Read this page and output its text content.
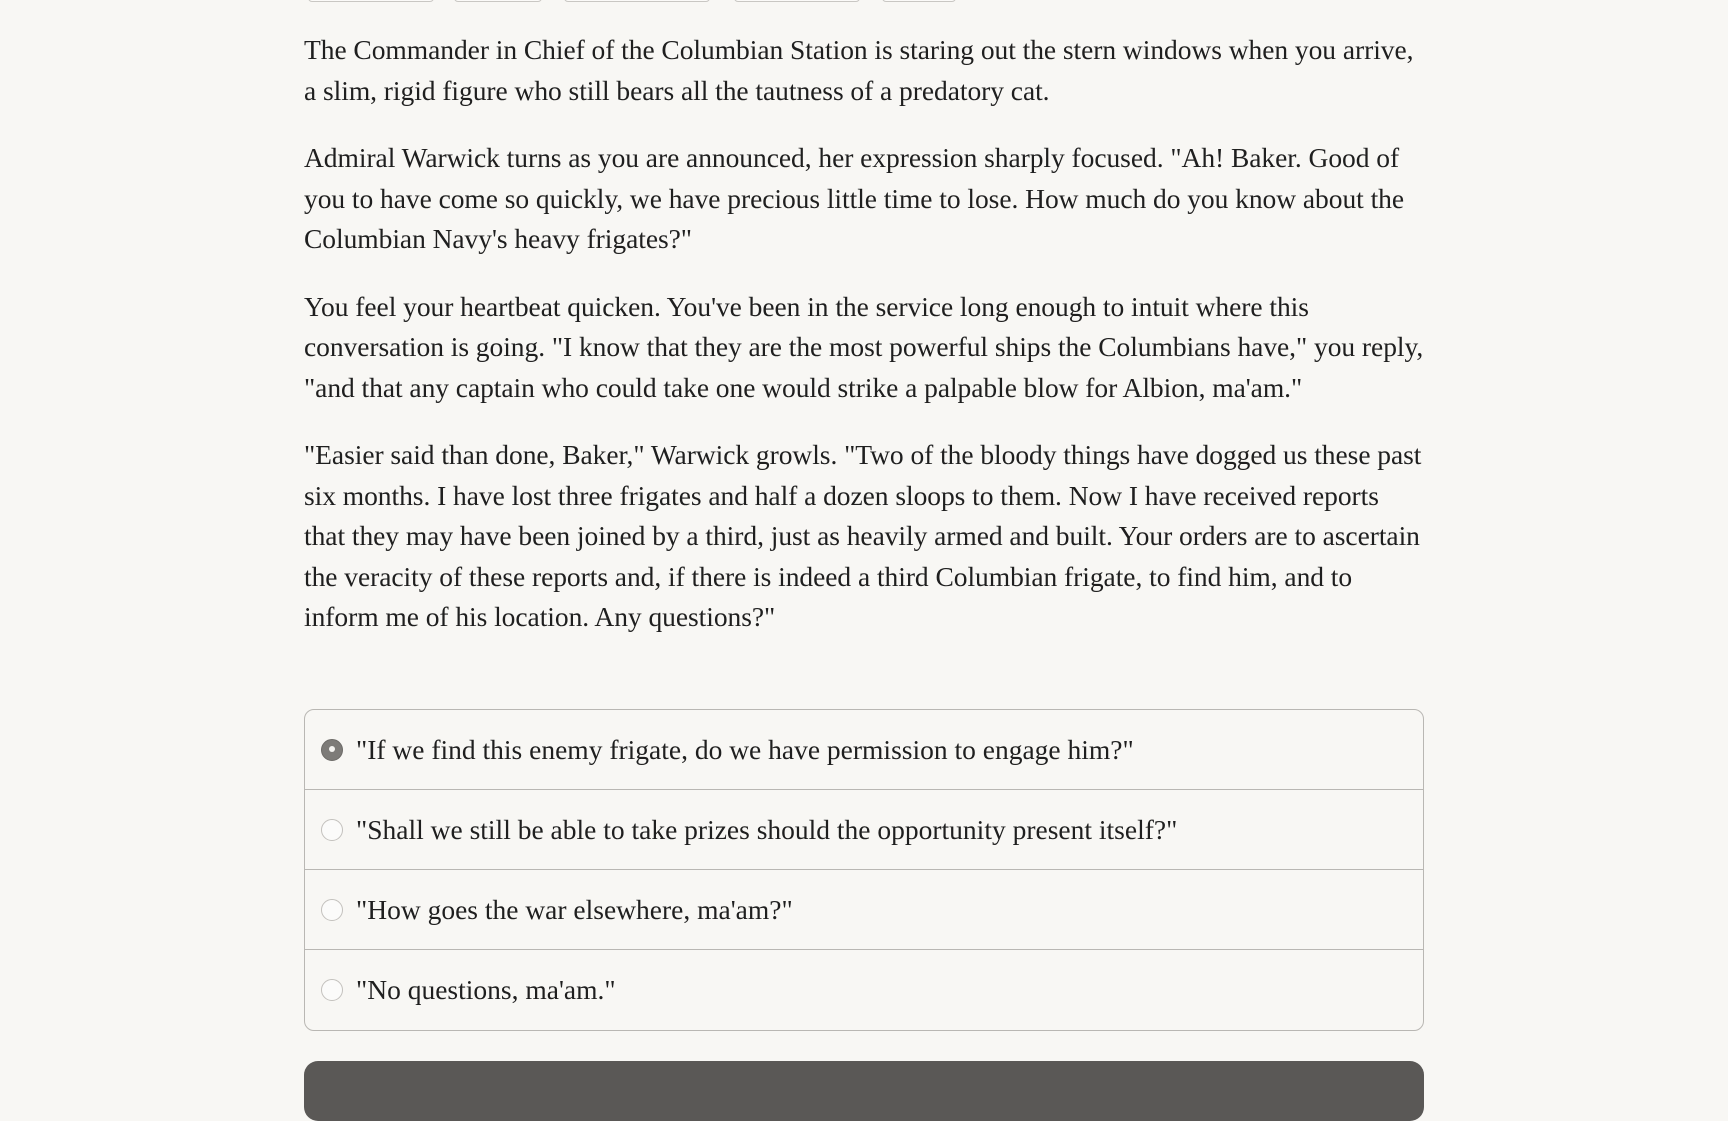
The Commander in Chief of the Columbian Station is staring out the stern windows when you arrive, a slim, rigid figure who still bears all the tautness of a predatory cat.

Admiral Warwick turns as you are announced, her expression sharply focused. "Ah! Baker. Good of you to have come so quickly, we have precious little time to lose. How much do you know about the Columbian Navy's heavy frigates?"

You feel your heartbeat quicken. You've been in the service long enough to intuit where this conversation is going. "I know that they are the most powerful ships the Columbians have," you reply, "and that any captain who could take one would strike a palpable blow for Albion, ma'am."

"Easier said than done, Baker," Warwick growls. "Two of the bloody things have dogged us these past six months. I have lost three frigates and half a dozen sloops to them. Now I have received reports that they may have been joined by a third, just as heavily armed and built. Your orders are to ascertain the veracity of these reports and, if there is indeed a third Columbian frigate, to find him, and to inform me of his location. Any questions?"

"If we find this enemy frigate, do we have permission to engage him?"
"Shall we still be able to take prizes should the opportunity present itself?"
"How goes the war elsewhere, ma'am?"
"No questions, ma'am."
